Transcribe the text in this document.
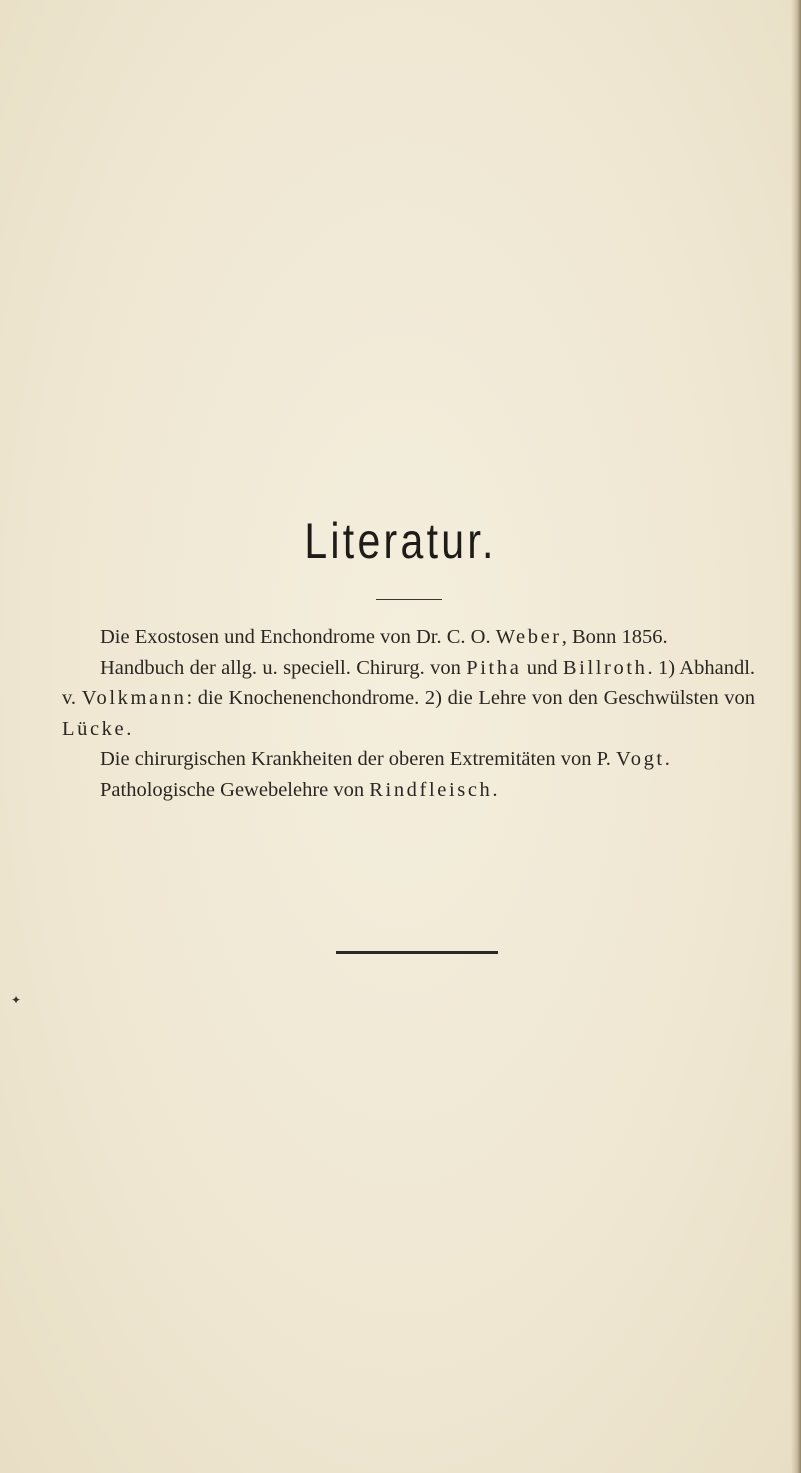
Literatur.

Die Exostosen und Enchondrome von Dr. C. O. Weber, Bonn 1856.

Handbuch der allg. u. speciell. Chirurg. von Pitha und Billroth. 1) Abhandl. v. Volkmann: die Knochenenchondrome. 2) die Lehre von den Geschwülsten von Lücke.

Die chirurgischen Krankheiten der oberen Extremitäten von P. Vogt.

Pathologische Gewebelehre von Rindfleisch.

✦
